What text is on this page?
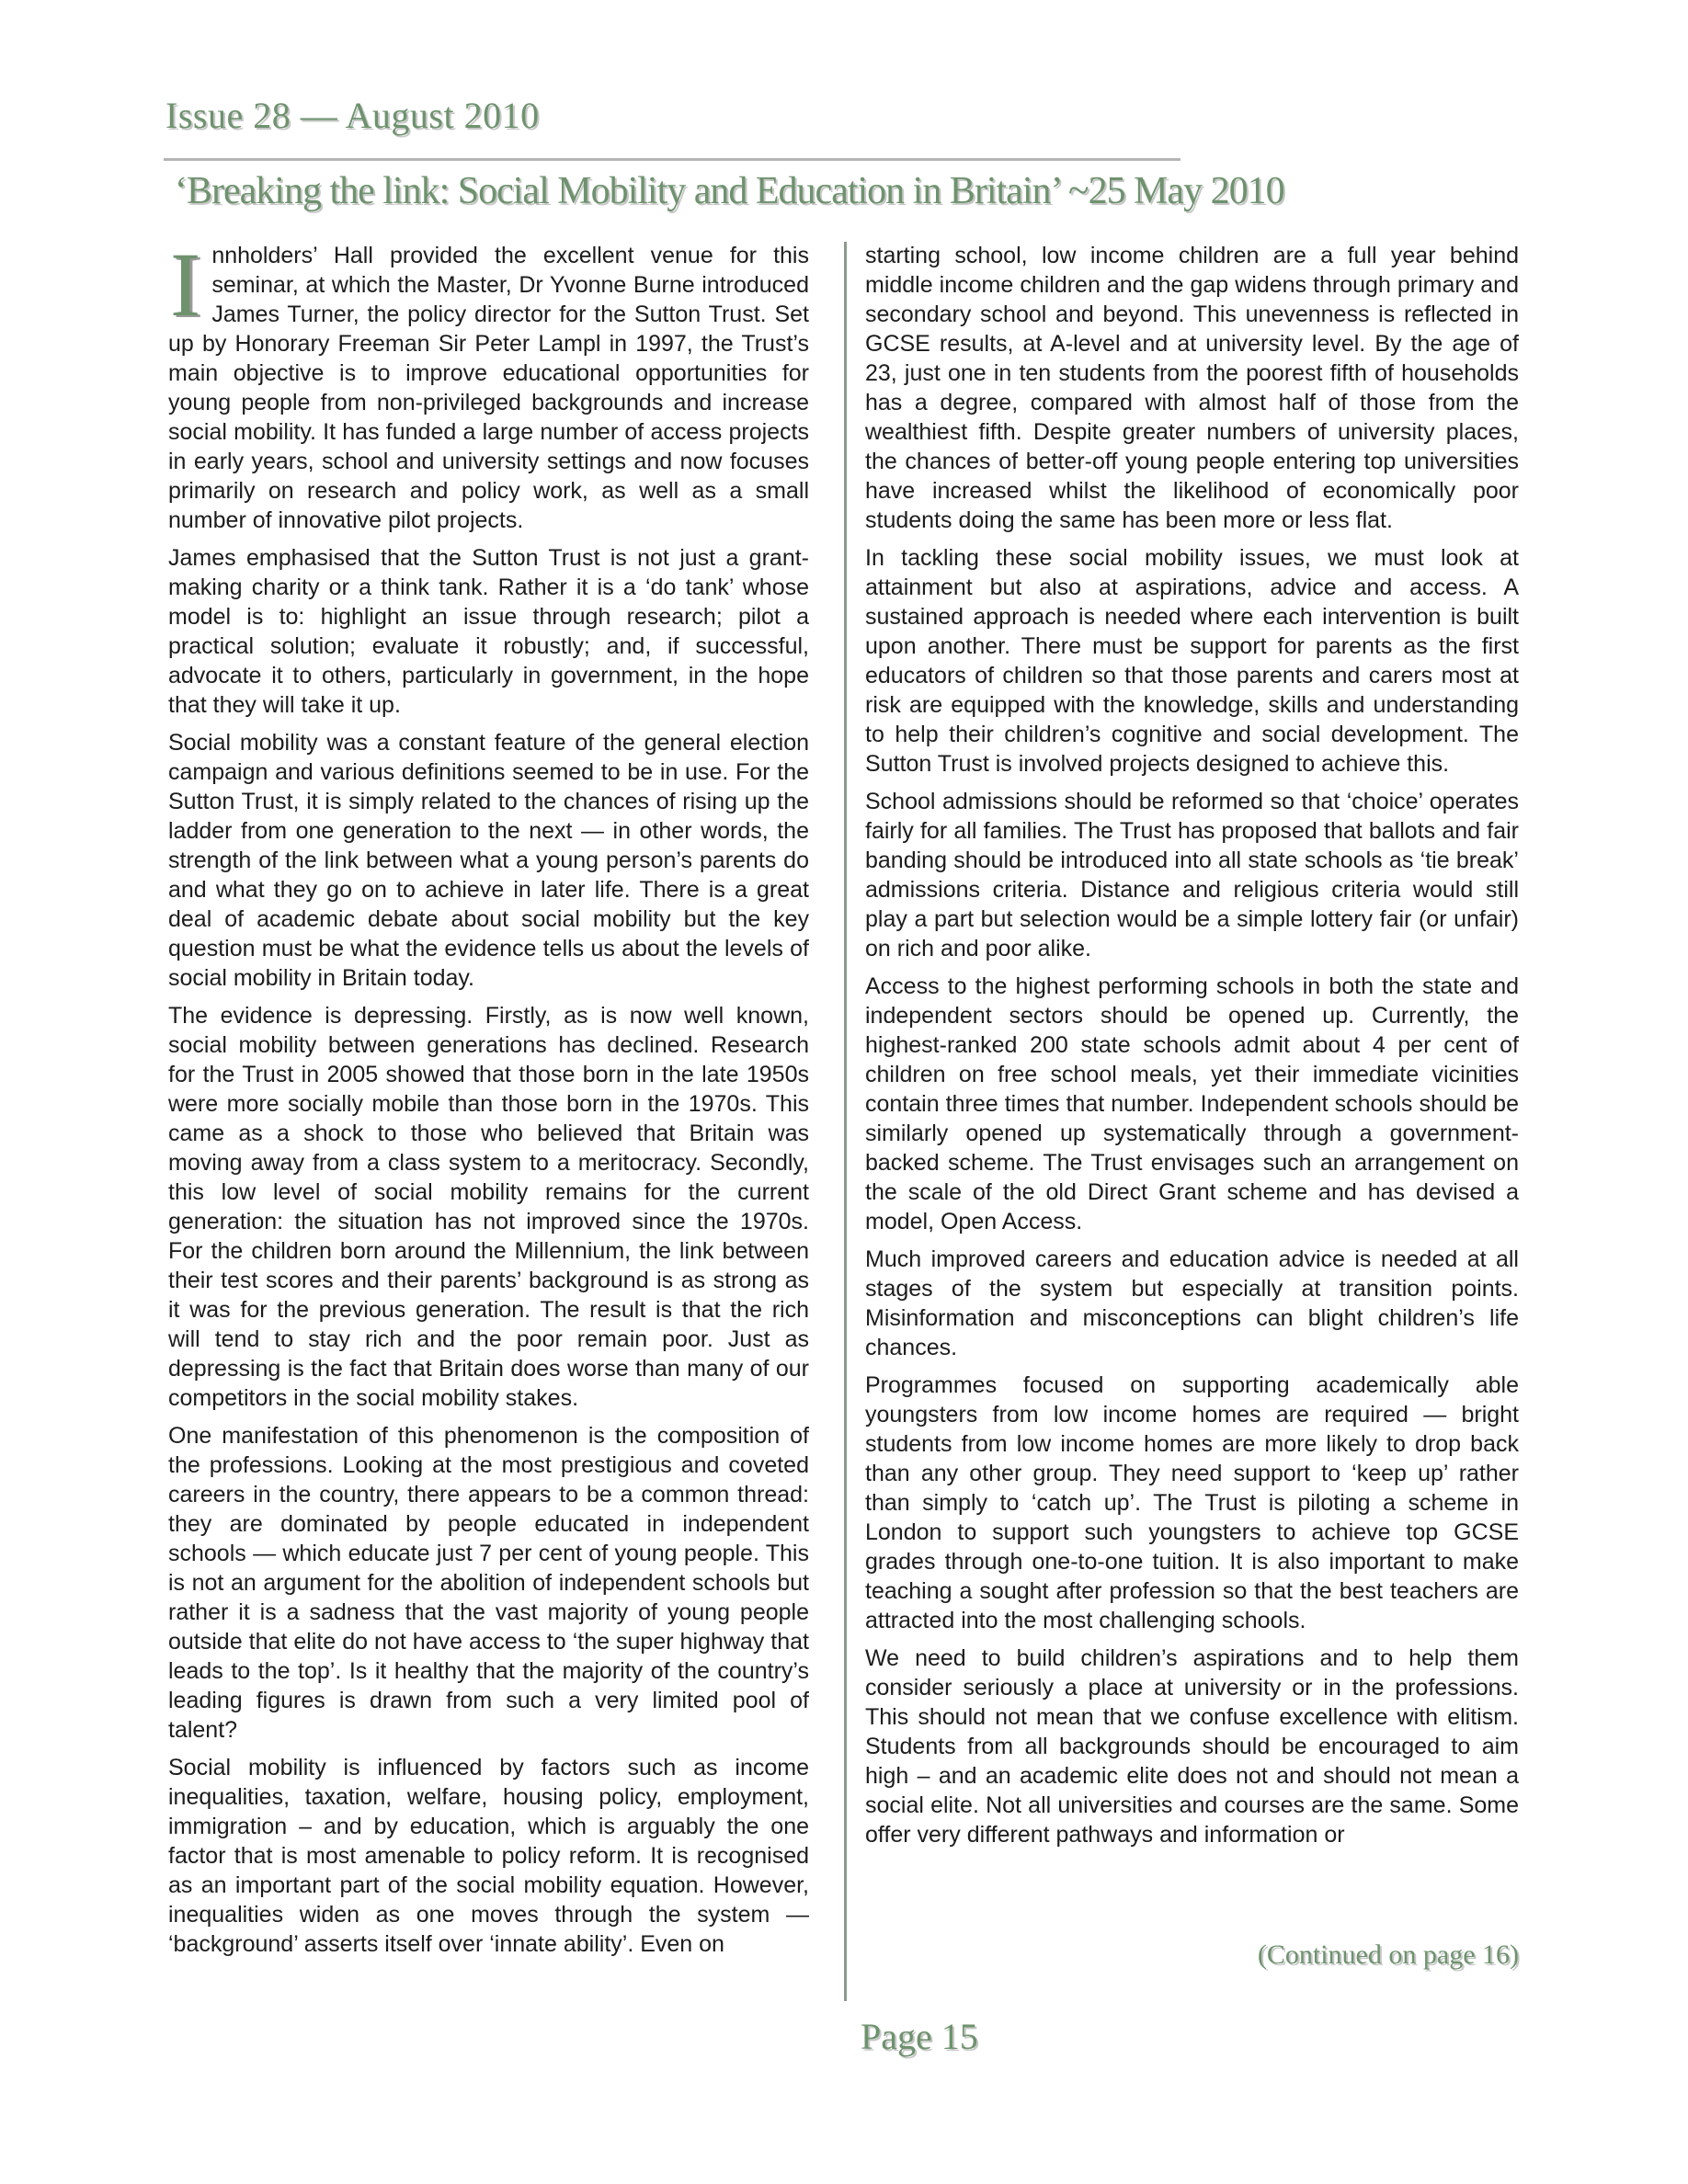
Issue 28 — August 2010
‘Breaking the link: Social Mobility and Education in Britain’ ~25 May 2010

Innholders’ Hall provided the excellent venue for this seminar, at which the Master, Dr Yvonne Burne introduced James Turner, the policy director for the Sutton Trust. Set up by Honorary Freeman Sir Peter Lampl in 1997, the Trust’s main objective is to improve educational opportunities for young people from non-privileged backgrounds and increase social mobility. It has funded a large number of access projects in early years, school and university settings and now focuses primarily on research and policy work, as well as a small number of innovative pilot projects.

James emphasised that the Sutton Trust is not just a grant-making charity or a think tank. Rather it is a ‘do tank’ whose model is to: highlight an issue through research; pilot a practical solution; evaluate it robustly; and, if successful, advocate it to others, particularly in government, in the hope that they will take it up.

Social mobility was a constant feature of the general election campaign and various definitions seemed to be in use. For the Sutton Trust, it is simply related to the chances of rising up the ladder from one generation to the next — in other words, the strength of the link between what a young person’s parents do and what they go on to achieve in later life. There is a great deal of academic debate about social mobility but the key question must be what the evidence tells us about the levels of social mobility in Britain today.

The evidence is depressing. Firstly, as is now well known, social mobility between generations has declined. Research for the Trust in 2005 showed that those born in the late 1950s were more socially mobile than those born in the 1970s. This came as a shock to those who believed that Britain was moving away from a class system to a meritocracy. Secondly, this low level of social mobility remains for the current generation: the situation has not improved since the 1970s. For the children born around the Millennium, the link between their test scores and their parents’ background is as strong as it was for the previous generation. The result is that the rich will tend to stay rich and the poor remain poor. Just as depressing is the fact that Britain does worse than many of our competitors in the social mobility stakes.

One manifestation of this phenomenon is the composition of the professions. Looking at the most prestigious and coveted careers in the country, there appears to be a common thread: they are dominated by people educated in independent schools — which educate just 7 per cent of young people. This is not an argument for the abolition of independent schools but rather it is a sadness that the vast majority of young people outside that elite do not have access to ‘the super highway that leads to the top’. Is it healthy that the majority of the country’s leading figures is drawn from such a very limited pool of talent?

Social mobility is influenced by factors such as income inequalities, taxation, welfare, housing policy, employment, immigration – and by education, which is arguably the one factor that is most amenable to policy reform. It is recognised as an important part of the social mobility equation. However, inequalities widen as one moves through the system — ‘background’ asserts itself over ‘innate ability’. Even on

starting school, low income children are a full year behind middle income children and the gap widens through primary and secondary school and beyond. This unevenness is reflected in GCSE results, at A-level and at university level. By the age of 23, just one in ten students from the poorest fifth of households has a degree, compared with almost half of those from the wealthiest fifth. Despite greater numbers of university places, the chances of better-off young people entering top universities have increased whilst the likelihood of economically poor students doing the same has been more or less flat.

In tackling these social mobility issues, we must look at attainment but also at aspirations, advice and access. A sustained approach is needed where each intervention is built upon another. There must be support for parents as the first educators of children so that those parents and carers most at risk are equipped with the knowledge, skills and understanding to help their children’s cognitive and social development. The Sutton Trust is involved projects designed to achieve this.

School admissions should be reformed so that ‘choice’ operates fairly for all families. The Trust has proposed that ballots and fair banding should be introduced into all state schools as ‘tie break’ admissions criteria. Distance and religious criteria would still play a part but selection would be a simple lottery fair (or unfair) on rich and poor alike.

Access to the highest performing schools in both the state and independent sectors should be opened up. Currently, the highest-ranked 200 state schools admit about 4 per cent of children on free school meals, yet their immediate vicinities contain three times that number. Independent schools should be similarly opened up systematically through a government-backed scheme. The Trust envisages such an arrangement on the scale of the old Direct Grant scheme and has devised a model, Open Access.

Much improved careers and education advice is needed at all stages of the system but especially at transition points. Misinformation and misconceptions can blight children’s life chances.

Programmes focused on supporting academically able youngsters from low income homes are required — bright students from low income homes are more likely to drop back than any other group. They need support to ‘keep up’ rather than simply to ‘catch up’. The Trust is piloting a scheme in London to support such youngsters to achieve top GCSE grades through one-to-one tuition. It is also important to make teaching a sought after profession so that the best teachers are attracted into the most challenging schools.

We need to build children’s aspirations and to help them consider seriously a place at university or in the professions. This should not mean that we confuse excellence with elitism. Students from all backgrounds should be encouraged to aim high – and an academic elite does not and should not mean a social elite. Not all universities and courses are the same. Some offer very different pathways and information or

(Continued on page 16)
Page 15
